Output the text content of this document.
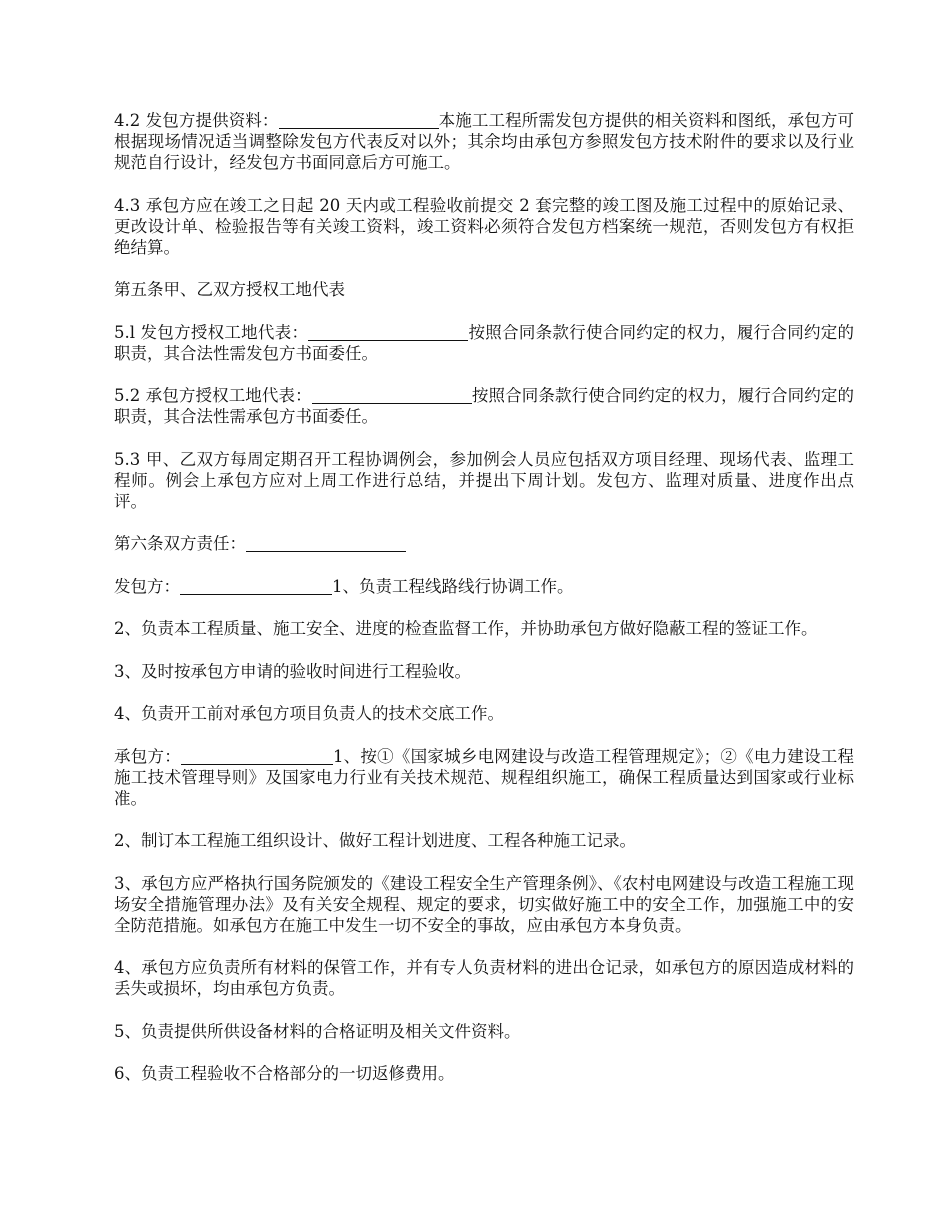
4.2 发包方提供资料：	本施工工程所需发包方提供的相关资料和图纸，承包方可根据现场情况适当调整除发包方代表反对以外；其余均由承包方参照发包方技术附件的要求以及行业规范自行设计，经发包方书面同意后方可施工。

4.3 承包方应在竣工之日起 20 天内或工程验收前提交 2 套完整的竣工图及施工过程中的原始记录、更改设计单、检验报告等有关竣工资料，竣工资料必须符合发包方档案统一规范，否则发包方有权拒绝结算。

第五条甲、乙双方授权工地代表

5.l 发包方授权工地代表：	按照合同条款行使合同约定的权力，履行合同约定的职责，其合法性需发包方书面委任。

5.2 承包方授权工地代表：	按照合同条款行使合同约定的权力，履行合同约定的职责，其合法性需承包方书面委任。

5.3 甲、乙双方每周定期召开工程协调例会，参加例会人员应包括双方项目经理、现场代表、监理工程师。例会上承包方应对上周工作进行总结，并提出下周计划。发包方、监理对质量、进度作出点评。

第六条双方责任：

发包方：	1、负责工程线路线行协调工作。

2、负责本工程质量、施工安全、进度的检查监督工作，并协助承包方做好隐蔽工程的签证工作。

3、及时按承包方申请的验收时间进行工程验收。

4、负责开工前对承包方项目负责人的技术交底工作。

承包方：	1、按①《国家城乡电网建设与改造工程管理规定》；②《电力建设工程施工技术管理导则》及国家电力行业有关技术规范、规程组织施工，确保工程质量达到国家或行业标准。

2、制订本工程施工组织设计、做好工程计划进度、工程各种施工记录。

3、承包方应严格执行国务院颁发的《建设工程安全生产管理条例》、《农村电网建设与改造工程施工现场安全措施管理办法》及有关安全规程、规定的要求，切实做好施工中的安全工作，加强施工中的安全防范措施。如承包方在施工中发生一切不安全的事故，应由承包方本身负责。

4、承包方应负责所有材料的保管工作，并有专人负责材料的进出仓记录，如承包方的原因造成材料的丢失或损坏，均由承包方负责。

5、负责提供所供设备材料的合格证明及相关文件资料。

6、负责工程验收不合格部分的一切返修费用。
